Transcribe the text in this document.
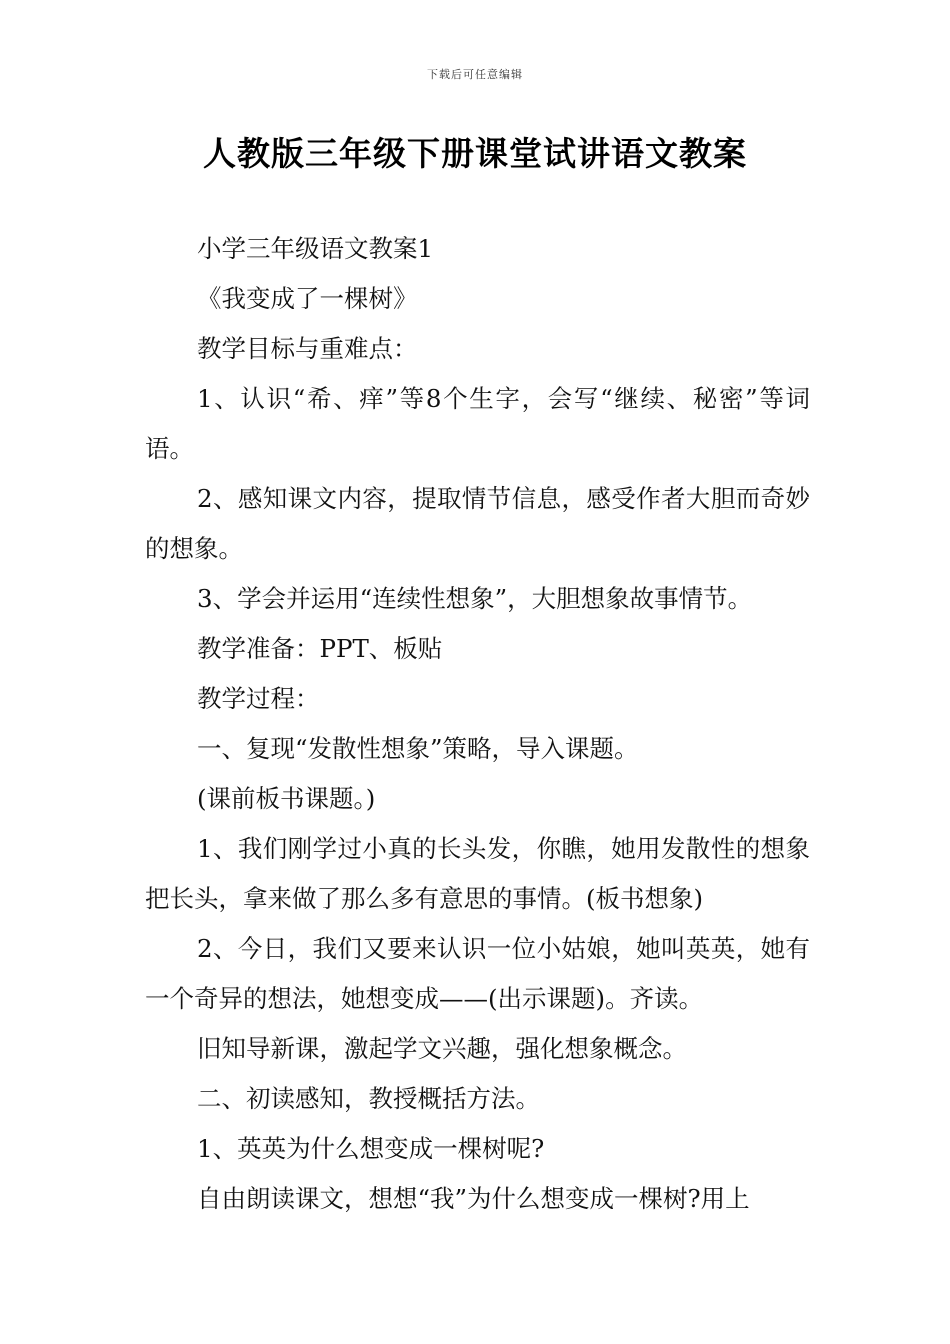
下载后可任意编辑
人教版三年级下册课堂试讲语文教案

小学三年级语文教案1

《我变成了一棵树》

教学目标与重难点：

1、认识“希、痒”等8个生字，会写“继续、秘密”等词语。

2、感知课文内容，提取情节信息，感受作者大胆而奇妙的想象。

3、学会并运用“连续性想象”，大胆想象故事情节。

教学准备：PPT、板贴

教学过程：

一、复现“发散性想象”策略，导入课题。

(课前板书课题。)

1、我们刚学过小真的长头发，你瞧，她用发散性的想象把长头，拿来做了那么多有意思的事情。(板书想象)

2、今日，我们又要来认识一位小姑娘，她叫英英，她有一个奇异的想法，她想变成——(出示课题)。齐读。

旧知导新课，激起学文兴趣，强化想象概念。

二、初读感知，教授概括方法。

1、英英为什么想变成一棵树呢?

自由朗读课文，想想“我”为什么想变成一棵树?用上
